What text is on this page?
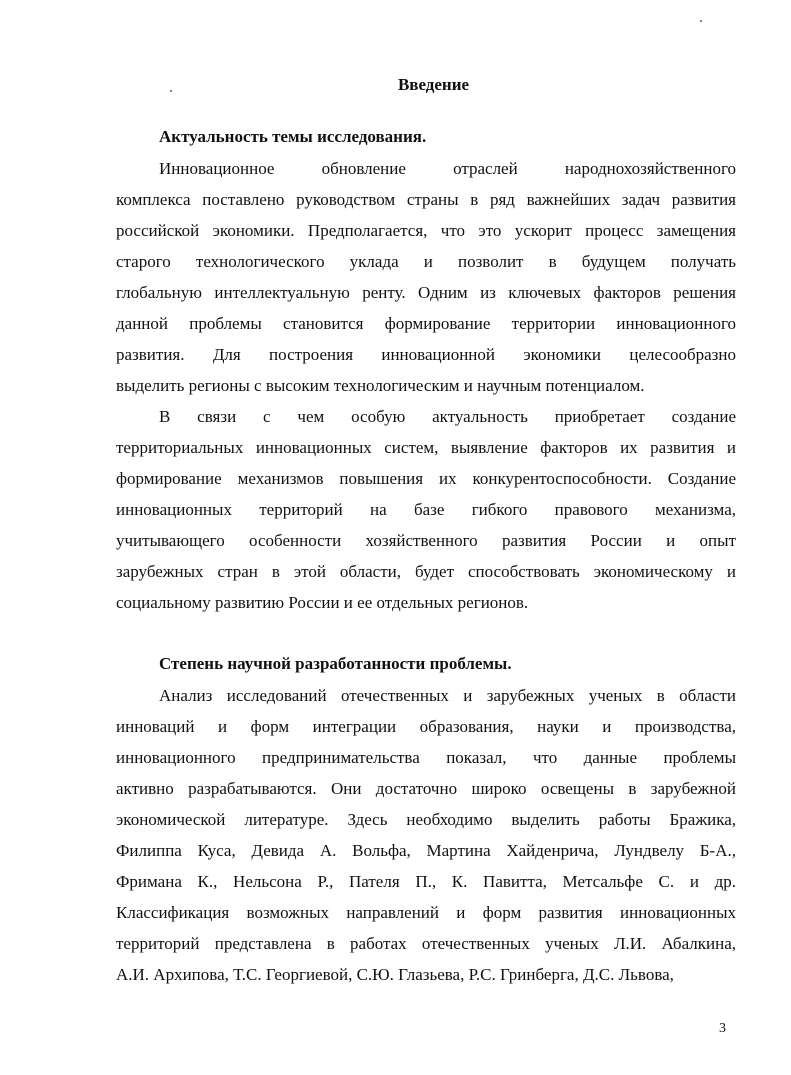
Введение
Актуальность темы исследования.
Инновационное обновление отраслей народнохозяйственного
комплекса поставлено руководством страны в ряд важнейших задач развития
российской экономики. Предполагается, что это ускорит процесс замещения
старого технологического уклада и позволит в будущем получать
глобальную интеллектуальную ренту. Одним из ключевых факторов решения
данной проблемы становится формирование территории инновационного
развития. Для построения инновационной экономики целесообразно
выделить регионы с высоким технологическим и научным потенциалом.
В связи с чем особую актуальность приобретает создание
территориальных инновационных систем, выявление факторов их развития и
формирование механизмов повышения их конкурентоспособности. Создание
инновационных территорий на базе гибкого правового механизма,
учитывающего особенности хозяйственного развития России и опыт
зарубежных стран в этой области, будет способствовать экономическому и
социальному развитию России и ее отдельных регионов.
Степень научной разработанности проблемы.
Анализ исследований отечественных и зарубежных ученых в области
инноваций и форм интеграции образования, науки и производства,
инновационного предпринимательства показал, что данные проблемы
активно разрабатываются. Они достаточно широко освещены в зарубежной
экономической литературе. Здесь необходимо выделить работы Бражика,
Филиппа Куса, Девида А. Вольфа, Мартина Хайденрича, Лундвелу Б-А.,
Фримана К., Нельсона Р., Пателя П., К. Павитта, Метсальфе С. и др.
Классификация возможных направлений и форм развития инновационных
территорий представлена в работах отечественных ученых Л.И. Абалкина,
А.И. Архипова, Т.С. Георгиевой, С.Ю. Глазьева, Р.С. Гринберга, Д.С. Львова,
3
